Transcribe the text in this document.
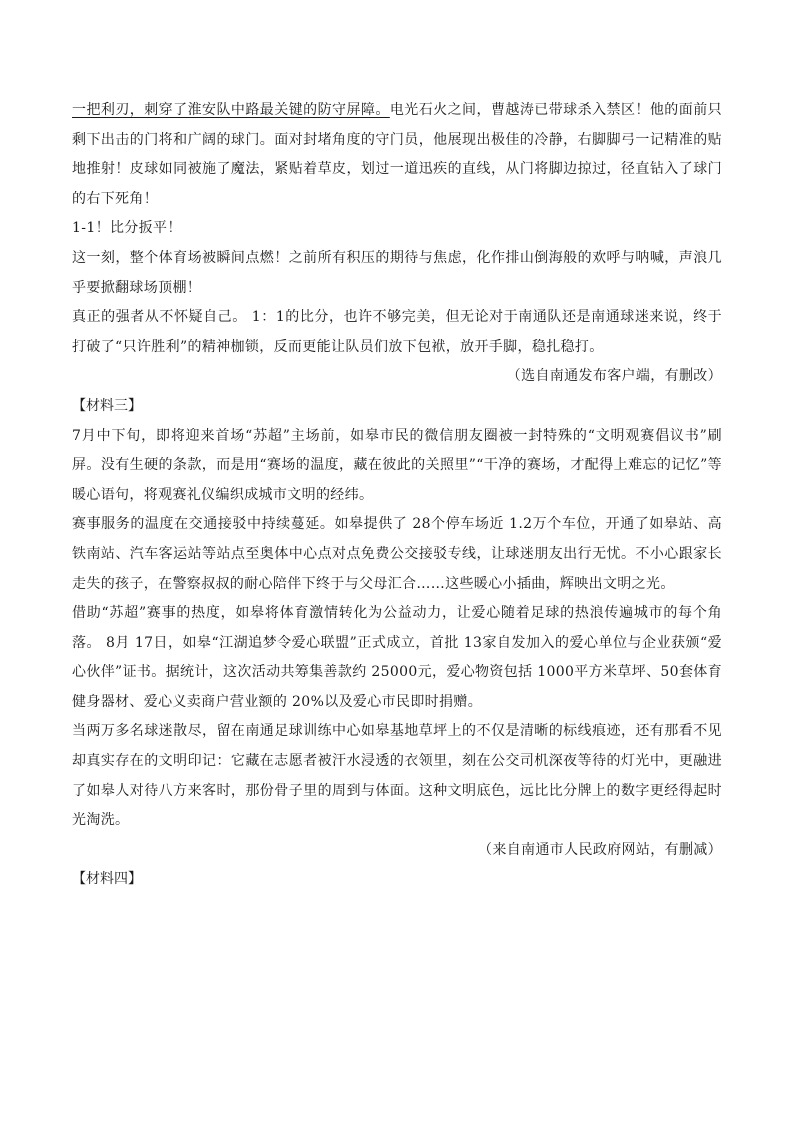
一把利刃，刺穿了淮安队中路最关键的防守屏障。电光石火之间，曹越涛已带球杀入禁区！他的面前只剩下出击的门将和广阔的球门。面对封堵角度的守门员，他展现出极佳的冷静，右脚脚弓一记精准的贴地推射！皮球如同被施了魔法，紧贴着草皮，划过一道迅疾的直线，从门将脚边掠过，径直钻入了球门的右下死角！

1-1！比分扳平！

这一刻，整个体育场被瞬间点燃！之前所有积压的期待与焦虑，化作排山倒海般的欢呼与呐喊，声浪几乎要掀翻球场顶棚！

真正的强者从不怀疑自己。 1：1的比分，也许不够完美，但无论对于南通队还是南通球迷来说，终于打破了“只许胜利”的精神枷锁，反而更能让队员们放下包袱，放开手脚，稳扎稳打。

（选自南通发布客户端，有删改）

【材料三】

7月中下旬，即将迎来首场“苏超”主场前，如皋市民的微信朋友圈被一封特殊的“文明观赛倡议书”刷屏。没有生硬的条款，而是用“赛场的温度，藏在彼此的关照里”“干净的赛场，才配得上难忘的记忆”等暖心语句，将观赛礼仪编织成城市文明的经纬。

赛事服务的温度在交通接驳中持续蔓延。如皋提供了 28个停车场近 1.2万个车位，开通了如皋站、高铁南站、汽车客运站等站点至奥体中心点对点免费公交接驳专线，让球迷朋友出行无忧。不小心跟家长走失的孩子，在警察叔叔的耐心陪伴下终于与父母汇合……这些暖心小插曲，辉映出文明之光。

借助“苏超”赛事的热度，如皋将体育激情转化为公益动力，让爱心随着足球的热浪传遍城市的每个角落。 8月 17日，如皋“江湖追梦令爱心联盟”正式成立，首批 13家自发加入的爱心单位与企业获颁“爱心伙伴”证书。据统计，这次活动共筹集善款约 25000元，爱心物资包括 1000平方米草坪、50套体育健身器材、爱心义卖商户营业额的 20%以及爱心市民即时捐赠。

当两万多名球迷散尽，留在南通足球训练中心如皋基地草坪上的不仅是清晰的标线痕迹，还有那看不见却真实存在的文明印记：它藏在志愿者被汗水浸透的衣领里，刻在公交司机深夜等待的灯光中，更融进了如皋人对待八方来客时，那份骨子里的周到与体面。这种文明底色，远比比分牌上的数字更经得起时光淘洗。

（来自南通市人民政府网站，有删减）

【材料四】
